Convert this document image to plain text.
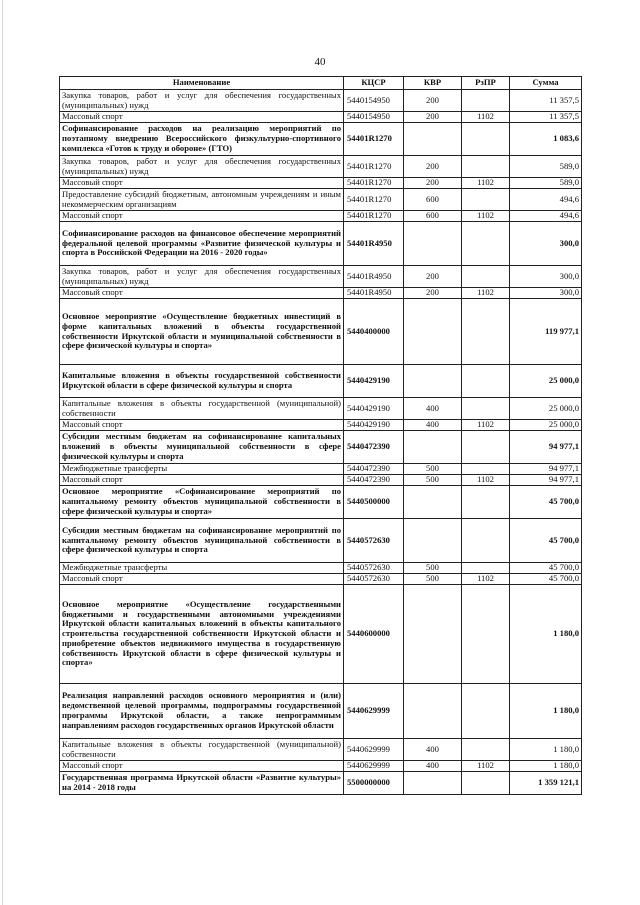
40
Наименование	КЦСР	КВР	РзПР	Сумма
Закупка товаров, работ и услуг для обеспечения государственных (муниципальных) нужд	5440154950	200		11 357,5
Массовый спорт	5440154950	200	1102	11 357,5
Софинансирование расходов на реализацию мероприятий по поэтапному внедрению Всероссийского физкультурно-спортивного комплекса «Готов к труду и обороне» (ГТО)	54401R1270			1 083,6
Закупка товаров, работ и услуг для обеспечения государственных (муниципальных) нужд	54401R1270	200		589,0
Массовый спорт	54401R1270	200	1102	589,0
Предоставление субсидий бюджетным, автономным учреждениям и иным некоммерческим организациям	54401R1270	600		494,6
Массовый спорт	54401R1270	600	1102	494,6
Софинансирование расходов на финансовое обеспечение мероприятий федеральной целевой программы «Развитие физической культуры и спорта в Российской Федерации на 2016 - 2020 годы»	54401R4950			300,0
Закупка товаров, работ и услуг для обеспечения государственных (муниципальных) нужд	54401R4950	200		300,0
Массовый спорт	54401R4950	200	1102	300,0
Основное мероприятие «Осуществление бюджетных инвестиций в форме капитальных вложений в объекты государственной собственности Иркутской области и муниципальной собственности в сфере физической культуры и спорта»	5440400000			119 977,1
Капитальные вложения в объекты государственной собственности Иркутской области в сфере физической культуры и спорта	5440429190			25 000,0
Капитальные вложения в объекты государственной (муниципальной) собственности	5440429190	400		25 000,0
Массовый спорт	5440429190	400	1102	25 000,0
Субсидии местным бюджетам на софинансирование капитальных вложений в объекты муниципальной собственности в сфере физической культуры и спорта	5440472390			94 977,1
Межбюджетные трансферты	5440472390	500		94 977,1
Массовый спорт	5440472390	500	1102	94 977,1
Основное мероприятие «Софинансирование мероприятий по капитальному ремонту объектов муниципальной собственности в сфере физической культуры и спорта»	5440500000			45 700,0
Субсидии местным бюджетам на софинансирование мероприятий по капитальному ремонту объектов муниципальной собственности в сфере физической культуры и спорта	5440572630			45 700,0
Межбюджетные трансферты	5440572630	500		45 700,0
Массовый спорт	5440572630	500	1102	45 700,0
Основное мероприятие «Осуществление государственными бюджетными и государственными автономными учреждениями Иркутской области капитальных вложений в объекты капитального строительства государственной собственности Иркутской области и приобретение объектов недвижимого имущества в государственную собственность Иркутской области в сфере физической культуры и спорта»	5440600000			1 180,0
Реализация направлений расходов основного мероприятия и (или) ведомственной целевой программы, подпрограммы государственной программы Иркутской области, а также непрограммным направлениям расходов государственных органов Иркутской области	5440629999			1 180,0
Капитальные вложения в объекты государственной (муниципальной) собственности	5440629999	400		1 180,0
Массовый спорт	5440629999	400	1102	1 180,0
Государственная программа Иркутской области «Развитие культуры» на 2014 - 2018 годы	5500000000			1 359 121,1
